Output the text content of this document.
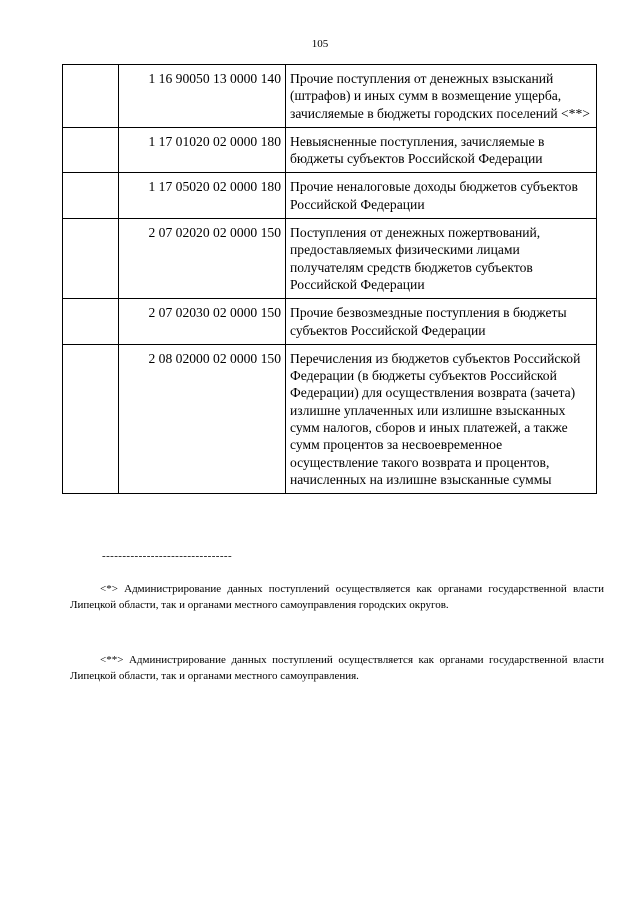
105
	1 16 90050 13 0000 140	Прочие поступления от денежных взысканий (штрафов) и иных сумм в возмещение ущерба, зачисляемые в бюджеты городских поселений <**>
	1 17 01020 02 0000 180	Невыясненные поступления, зачисляемые в бюджеты субъектов Российской Федерации
	1 17 05020 02 0000 180	Прочие неналоговые доходы бюджетов субъектов Российской Федерации
	2 07 02020 02 0000 150	Поступления от денежных пожертвований, предоставляемых физическими лицами получателям средств бюджетов субъектов Российской Федерации
	2 07 02030 02 0000 150	Прочие безвозмездные поступления в бюджеты субъектов Российской Федерации
	2 08 02000 02 0000 150	Перечисления из бюджетов субъектов Российской Федерации (в бюджеты субъектов Российской Федерации) для осуществления возврата (зачета) излишне уплаченных или излишне взысканных сумм налогов, сборов и иных платежей, а также сумм процентов за несвоевременное осуществление такого возврата и процентов, начисленных на излишне взысканные суммы
--------------------------------

<*> Администрирование данных поступлений осуществляется как органами государственной власти Липецкой области, так и органами местного самоуправления городских округов.

<**> Администрирование данных поступлений осуществляется как органами государственной власти Липецкой области, так и органами местного самоуправления.
